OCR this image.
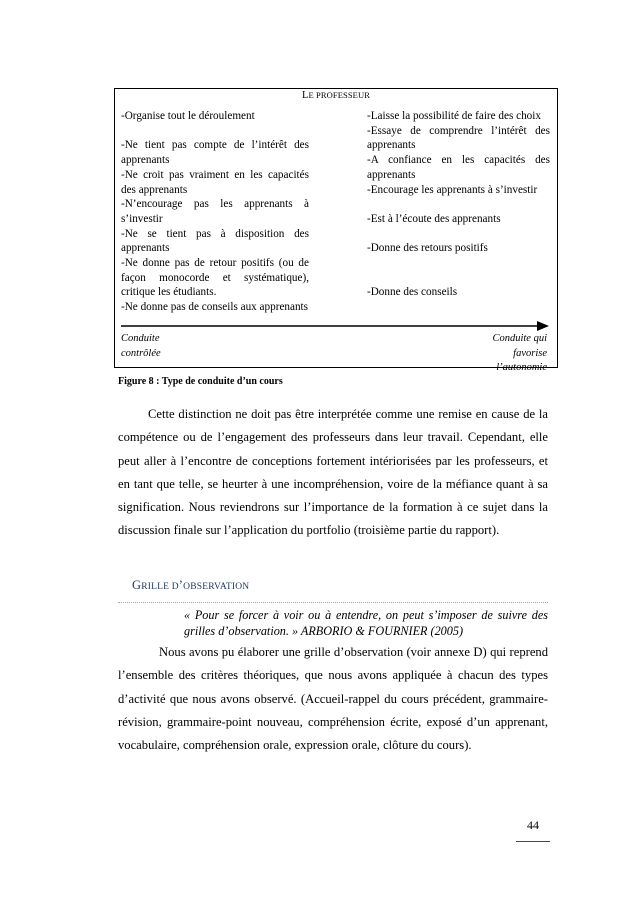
LE PROFESSEUR

-Organise tout le déroulement

-Ne tient pas compte de l’intérêt des apprenants

-Ne croit pas vraiment en les capacités des apprenants

-N’encourage pas les apprenants à s’investir

-Ne se tient pas à disposition des apprenants

-Ne donne pas de retour positifs (ou de façon monocorde et systématique), critique les étudiants.

-Ne donne pas de conseils aux apprenants

-Laisse la possibilité de faire des choix

-Essaye de comprendre l’intérêt des apprenants

-A confiance en les capacités des apprenants

-Encourage les apprenants à s’investir

-Est à l’écoute des apprenants

-Donne des retours positifs

-Donne des conseils

Conduite
contrôlée
Conduite qui
favorise
l’autonomie
Figure 8 : Type de conduite d’un cours

Cette distinction ne doit pas être interprétée comme une remise en cause de la compétence ou de l’engagement des professeurs dans leur travail. Cependant, elle peut aller à l’encontre de conceptions fortement intériorisées par les professeurs, et en tant que telle, se heurter à une incompréhension, voire de la méfiance quant à sa signification. Nous reviendrons sur l’importance de la formation à ce sujet dans la discussion finale sur l’application du portfolio (troisième partie du rapport).

GRILLE D’OBSERVATION

« Pour se forcer à voir ou à entendre, on peut s’imposer de suivre des grilles d’observation. » ARBORIO & FOURNIER (2005)

Nous avons pu élaborer une grille d’observation (voir annexe D) qui reprend l’ensemble des critères théoriques, que nous avons appliquée à chacun des types d’activité que nous avons observé. (Accueil-rappel du cours précédent, grammaire-révision, grammaire-point nouveau, compréhension écrite, exposé d’un apprenant, vocabulaire, compréhension orale, expression orale, clôture du cours).

44
